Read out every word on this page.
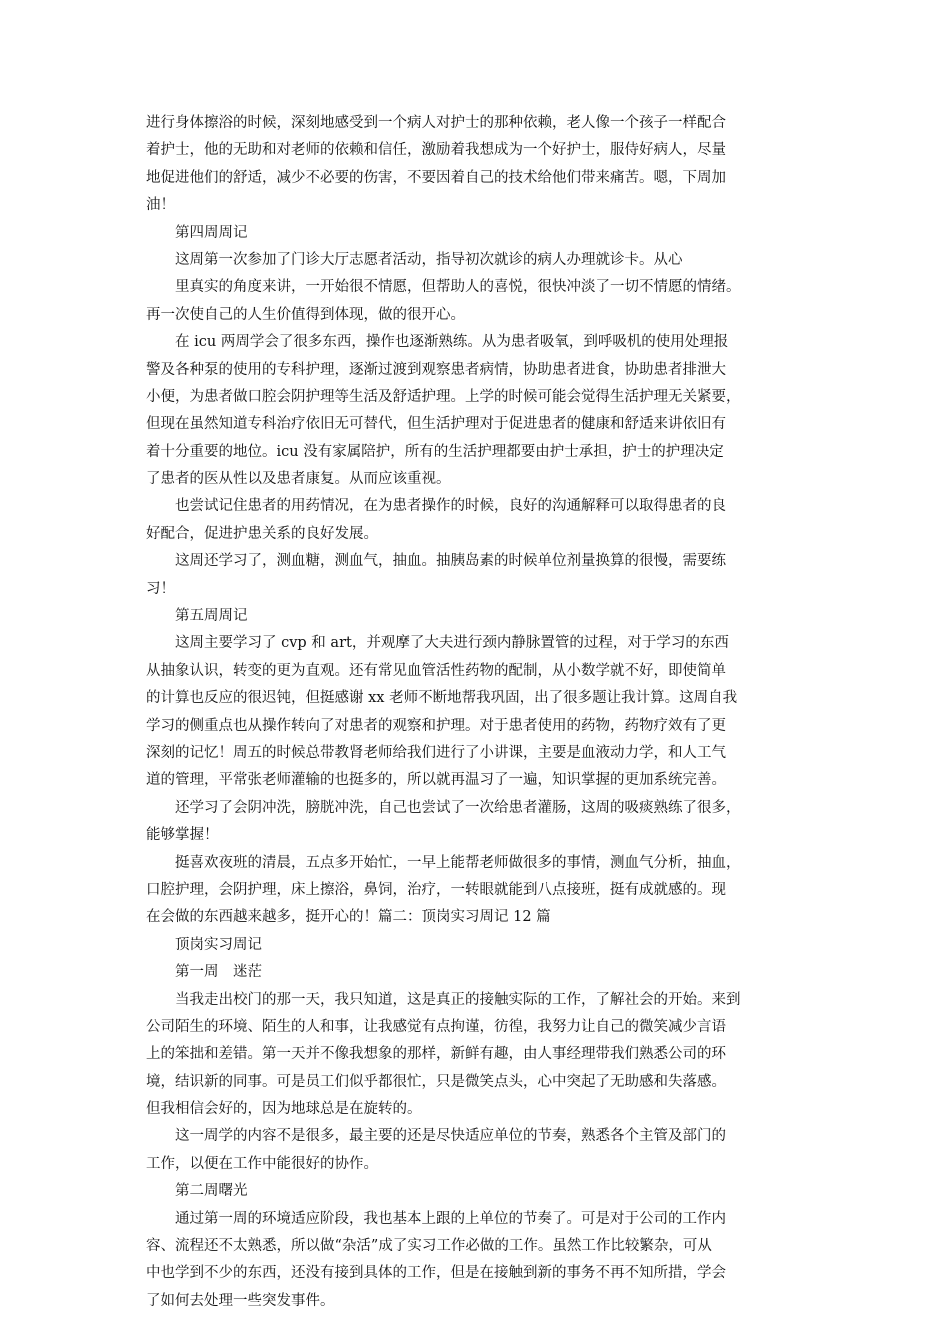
进行身体擦浴的时候，深刻地感受到一个病人对护士的那种依赖，老人像一个孩子一样配合
着护士，他的无助和对老师的依赖和信任，激励着我想成为一个好护士，服侍好病人，尽量
地促进他们的舒适，减少不必要的伤害，不要因着自己的技术给他们带来痛苦。嗯，下周加
油！
第四周周记
这周第一次参加了门诊大厅志愿者活动，指导初次就诊的病人办理就诊卡。从心
里真实的角度来讲，一开始很不情愿，但帮助人的喜悦，很快冲淡了一切不情愿的情绪。
再一次使自己的人生价值得到体现，做的很开心。
在 icu 两周学会了很多东西，操作也逐渐熟练。从为患者吸氧，到呼吸机的使用处理报
警及各种泵的使用的专科护理，逐渐过渡到观察患者病情，协助患者进食，协助患者排泄大
小便，为患者做口腔会阴护理等生活及舒适护理。上学的时候可能会觉得生活护理无关紧要，
但现在虽然知道专科治疗依旧无可替代，但生活护理对于促进患者的健康和舒适来讲依旧有
着十分重要的地位。icu 没有家属陪护，所有的生活护理都要由护士承担，护士的护理决定
了患者的医从性以及患者康复。从而应该重视。
也尝试记住患者的用药情况，在为患者操作的时候，良好的沟通解释可以取得患者的良
好配合，促进护患关系的良好发展。
这周还学习了，测血糖，测血气，抽血。抽胰岛素的时候单位剂量换算的很慢，需要练
习！
第五周周记
这周主要学习了 cvp 和 art，并观摩了大夫进行颈内静脉置管的过程，对于学习的东西
从抽象认识，转变的更为直观。还有常见血管活性药物的配制，从小数学就不好，即使简单
的计算也反应的很迟钝，但挺感谢 xx 老师不断地帮我巩固，出了很多题让我计算。这周自我
学习的侧重点也从操作转向了对患者的观察和护理。对于患者使用的药物，药物疗效有了更
深刻的记忆！周五的时候总带教肾老师给我们进行了小讲课，主要是血液动力学，和人工气
道的管理，平常张老师灌输的也挺多的，所以就再温习了一遍，知识掌握的更加系统完善。
还学习了会阴冲洗，膀胱冲洗，自己也尝试了一次给患者灌肠，这周的吸痰熟练了很多，
能够掌握！
挺喜欢夜班的清晨，五点多开始忙，一早上能帮老师做很多的事情，测血气分析，抽血，
口腔护理，会阴护理，床上擦浴，鼻饲，治疗，一转眼就能到八点接班，挺有成就感的。现
在会做的东西越来越多，挺开心的！篇二：顶岗实习周记 12 篇
顶岗实习周记
第一周　迷茫
当我走出校门的那一天，我只知道，这是真正的接触实际的工作，了解社会的开始。来到
公司陌生的环境、陌生的人和事，让我感觉有点拘谨，彷徨，我努力让自己的微笑减少言语
上的笨拙和差错。第一天并不像我想象的那样，新鲜有趣，由人事经理带我们熟悉公司的环
境，结识新的同事。可是员工们似乎都很忙，只是微笑点头，心中突起了无助感和失落感。
但我相信会好的，因为地球总是在旋转的。
这一周学的内容不是很多，最主要的还是尽快适应单位的节奏，熟悉各个主管及部门的
工作，以便在工作中能很好的协作。
第二周曙光
通过第一周的环境适应阶段，我也基本上跟的上单位的节奏了。可是对于公司的工作内
容、流程还不太熟悉，所以做“杂活”成了实习工作必做的工作。虽然工作比较繁杂，可从
中也学到不少的东西，还没有接到具体的工作，但是在接触到新的事务不再不知所措，学会
了如何去处理一些突发事件。
